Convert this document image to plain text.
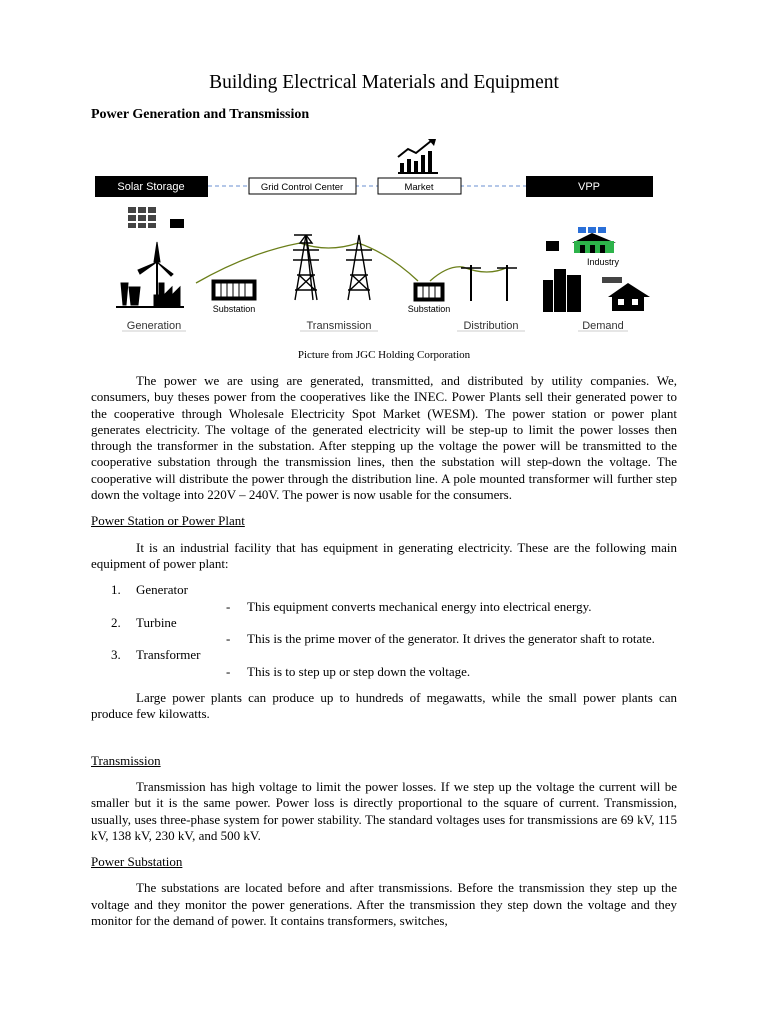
Building Electrical Materials and Equipment
Power Generation and Transmission
Solar Storage	Grid Control Center	Market	VPP
Substation	Substation
Industry
Generation	Transmission	Distribution	Demand
Picture from JGC Holding Corporation

The power we are using are generated, transmitted, and distributed by utility companies. We, consumers, buy theses power from the cooperatives like the INEC. Power Plants sell their generated power to the cooperative through Wholesale Electricity Spot Market (WESM). The power station or power plant generates electricity. The voltage of the generated electricity will be step-up to limit the power losses then through the transformer in the substation. After stepping up the voltage the power will be transmitted to the cooperative substation through the transmission lines, then the substation will step-down the voltage. The cooperative will distribute the power through the distribution line. A pole mounted transformer will further step down the voltage into 220V – 240V. The power is now usable for the consumers.

Power Station or Power Plant

It is an industrial facility that has equipment in generating electricity. These are the following main equipment of power plant:

1. Generator
- This equipment converts mechanical energy into electrical energy.
2. Turbine
- This is the prime mover of the generator. It drives the generator shaft to rotate.
3. Transformer
- This is to step up or step down the voltage.

Large power plants can produce up to hundreds of megawatts, while the small power plants can produce few kilowatts.

Transmission

Transmission has high voltage to limit the power losses. If we step up the voltage the current will be smaller but it is the same power. Power loss is directly proportional to the square of current. Transmission, usually, uses three-phase system for power stability. The standard voltages uses for transmissions are 69 kV, 115 kV, 138 kV, 230 kV, and 500 kV.

Power Substation

The substations are located before and after transmissions. Before the transmission they step up the voltage and they monitor the power generations. After the transmission they step down the voltage and they monitor for the demand of power. It contains transformers, switches,
